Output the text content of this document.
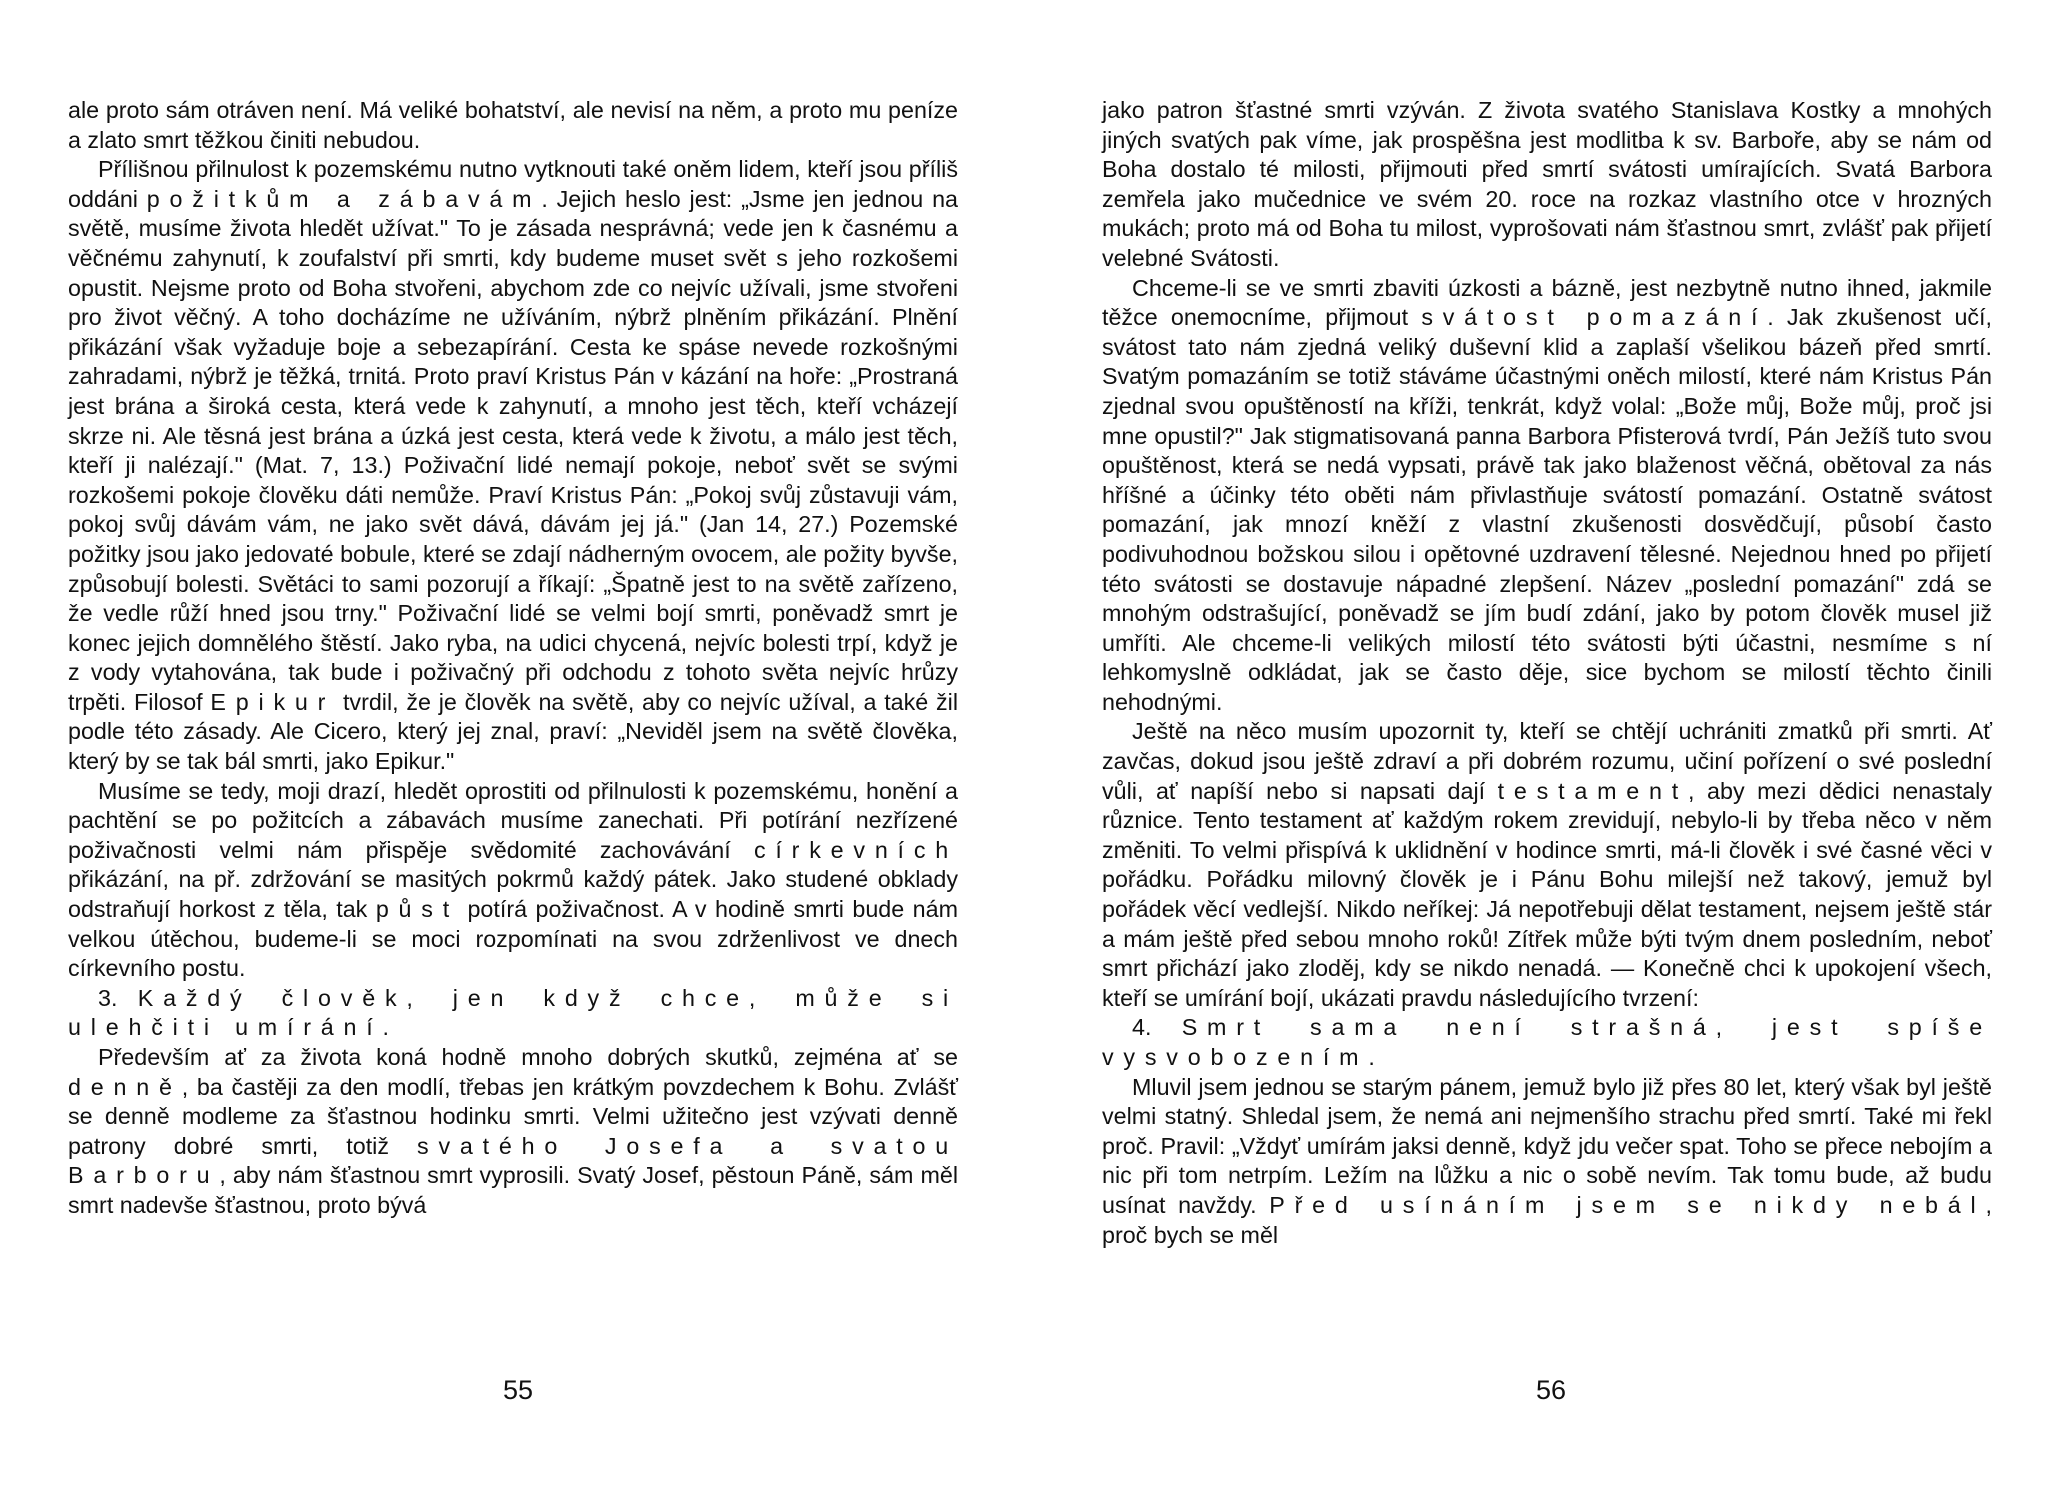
ale proto sám otráven není. Má veliké bohatství, ale nevisí na něm, a proto mu peníze a zlato smrt těžkou činiti nebudou.

Přílišnou přilnulost k pozemskému nutno vytknouti také oněm lidem, kteří jsou příliš oddáni požitkům a zábavám. Jejich heslo jest: „Jsme jen jednou na světě, musíme života hledět užívat." To je zásada nesprávná; vede jen k časnému a věčnému zahynutí, k zoufalství při smrti, kdy budeme muset svět s jeho rozkošemi opustit. Nejsme proto od Boha stvořeni, abychom zde co nejvíc užívali, jsme stvořeni pro život věčný. A toho docházíme ne užíváním, nýbrž plněním přikázání. Plnění přikázání však vyžaduje boje a sebezapírání. Cesta ke spáse nevede rozkošnými zahradami, nýbrž je těžká, trnitá. Proto praví Kristus Pán v kázání na hoře: „Prostraná jest brána a široká cesta, která vede k zahynutí, a mnoho jest těch, kteří vcházejí skrze ni. Ale těsná jest brána a úzká jest cesta, která vede k životu, a málo jest těch, kteří ji nalézají." (Mat. 7, 13.) Poživační lidé nemají pokoje, neboť svět se svými rozkošemi pokoje člověku dáti nemůže. Praví Kristus Pán: „Pokoj svůj zůstavuji vám, pokoj svůj dávám vám, ne jako svět dává, dávám jej já." (Jan 14, 27.) Pozemské požitky jsou jako jedovaté bobule, které se zdají nádherným ovocem, ale požity byvše, způsobují bolesti. Světáci to sami pozorují a říkají: „Špatně jest to na světě zařízeno, že vedle růží hned jsou trny." Poživační lidé se velmi bojí smrti, poněvadž smrt je konec jejich domnělého štěstí. Jako ryba, na udici chycená, nejvíc bolesti trpí, když je z vody vytahována, tak bude i poživačný při odchodu z tohoto světa nejvíc hrůzy trpěti. Filosof Epikur tvrdil, že je člověk na světě, aby co nejvíc užíval, a také žil podle této zásady. Ale Cicero, který jej znal, praví: „Neviděl jsem na světě člověka, který by se tak bál smrti, jako Epikur."

Musíme se tedy, moji drazí, hledět oprostiti od přilnulosti k pozemskému, honění a pachtění se po požitcích a zábavách musíme zanechati. Při potírání nezřízené poživačnosti velmi nám přispěje svědomité zachovávání církevních přikázání, na př. zdržování se masitých pokrmů každý pátek. Jako studené obklady odstraňují horkost z těla, tak půst potírá poživačnost. A v hodině smrti bude nám velkou útěchou, budeme-li se moci rozpomínati na svou zdrženlivost ve dnech církevního postu.

3. Každý člověk, jen když chce, může si ulehčiti umírání.

Především ať za života koná hodně mnoho dobrých skutků, zejména ať se denně, ba častěji za den modlí, třebas jen krátkým povzdechem k Bohu. Zvlášť se denně modleme za šťastnou hodinku smrti. Velmi užitečno jest vzývati denně patrony dobré smrti, totiž svatého Josefa a svatou Barboru, aby nám šťastnou smrt vyprosili. Svatý Josef, pěstoun Páně, sám měl smrt nadevše šťastnou, proto bývá

55

jako patron šťastné smrti vzýván. Z života svatého Stanislava Kostky a mnohých jiných svatých pak víme, jak prospěšna jest modlitba k sv. Barboře, aby se nám od Boha dostalo té milosti, přijmouti před smrtí svátosti umírajících. Svatá Barbora zemřela jako mučednice ve svém 20. roce na rozkaz vlastního otce v hrozných mukách; proto má od Boha tu milost, vyprošovati nám šťastnou smrt, zvlášť pak přijetí velebné Svátosti.

Chceme-li se ve smrti zbaviti úzkosti a bázně, jest nezbytně nutno ihned, jakmile těžce onemocníme, přijmout svátost pomazání. Jak zkušenost učí, svátost tato nám zjedná veliký duševní klid a zaplaší všelikou bázeň před smrtí. Svatým pomazáním se totiž stáváme účastnými oněch milostí, které nám Kristus Pán zjednal svou opuštěností na kříži, tenkrát, když volal: „Bože můj, Bože můj, proč jsi mne opustil?" Jak stigmatisovaná panna Barbora Pfisterová tvrdí, Pán Ježíš tuto svou opuštěnost, která se nedá vypsati, právě tak jako blaženost věčná, obětoval za nás hříšné a účinky této oběti nám přivlastňuje svátostí pomazání. Ostatně svátost pomazání, jak mnozí kněží z vlastní zkušenosti dosvědčují, působí často podivuhodnou božskou silou i opětovné uzdravení tělesné. Nejednou hned po přijetí této svátosti se dostavuje nápadné zlepšení. Název „poslední pomazání" zdá se mnohým odstrašující, poněvadž se jím budí zdání, jako by potom člověk musel již umříti. Ale chceme-li velikých milostí této svátosti býti účastni, nesmíme s ní lehkomyslně odkládat, jak se často děje, sice bychom se milostí těchto činili nehodnými.

Ještě na něco musím upozornit ty, kteří se chtějí uchrániti zmatků při smrti. Ať zavčas, dokud jsou ještě zdraví a při dobrém rozumu, učiní pořízení o své poslední vůli, ať napíší nebo si napsati dají testament, aby mezi dědici nenastaly různice. Tento testament ať každým rokem zrevidují, nebylo-li by třeba něco v něm změniti. To velmi přispívá k uklidnění v hodince smrti, má-li člověk i své časné věci v pořádku. Pořádku milovný člověk je i Pánu Bohu milejší než takový, jemuž byl pořádek věcí vedlejší. Nikdo neříkej: Já nepotřebuji dělat testament, nejsem ještě stár a mám ještě před sebou mnoho roků! Zítřek může býti tvým dnem posledním, neboť smrt přichází jako zloděj, kdy se nikdo nenadá. — Konečně chci k upokojení všech, kteří se umírání bojí, ukázati pravdu následujícího tvrzení:

4. Smrt sama není strašná, jest spíše vysvobozením.

Mluvil jsem jednou se starým pánem, jemuž bylo již přes 80 let, který však byl ještě velmi statný. Shledal jsem, že nemá ani nejmenšího strachu před smrtí. Také mi řekl proč. Pravil: „Vždyť umírám jaksi denně, když jdu večer spat. Toho se přece nebojím a nic při tom netrpím. Ležím na lůžku a nic o sobě nevím. Tak tomu bude, až budu usínat navždy. Před usínáním jsem se nikdy nebál, proč bych se měl

56
